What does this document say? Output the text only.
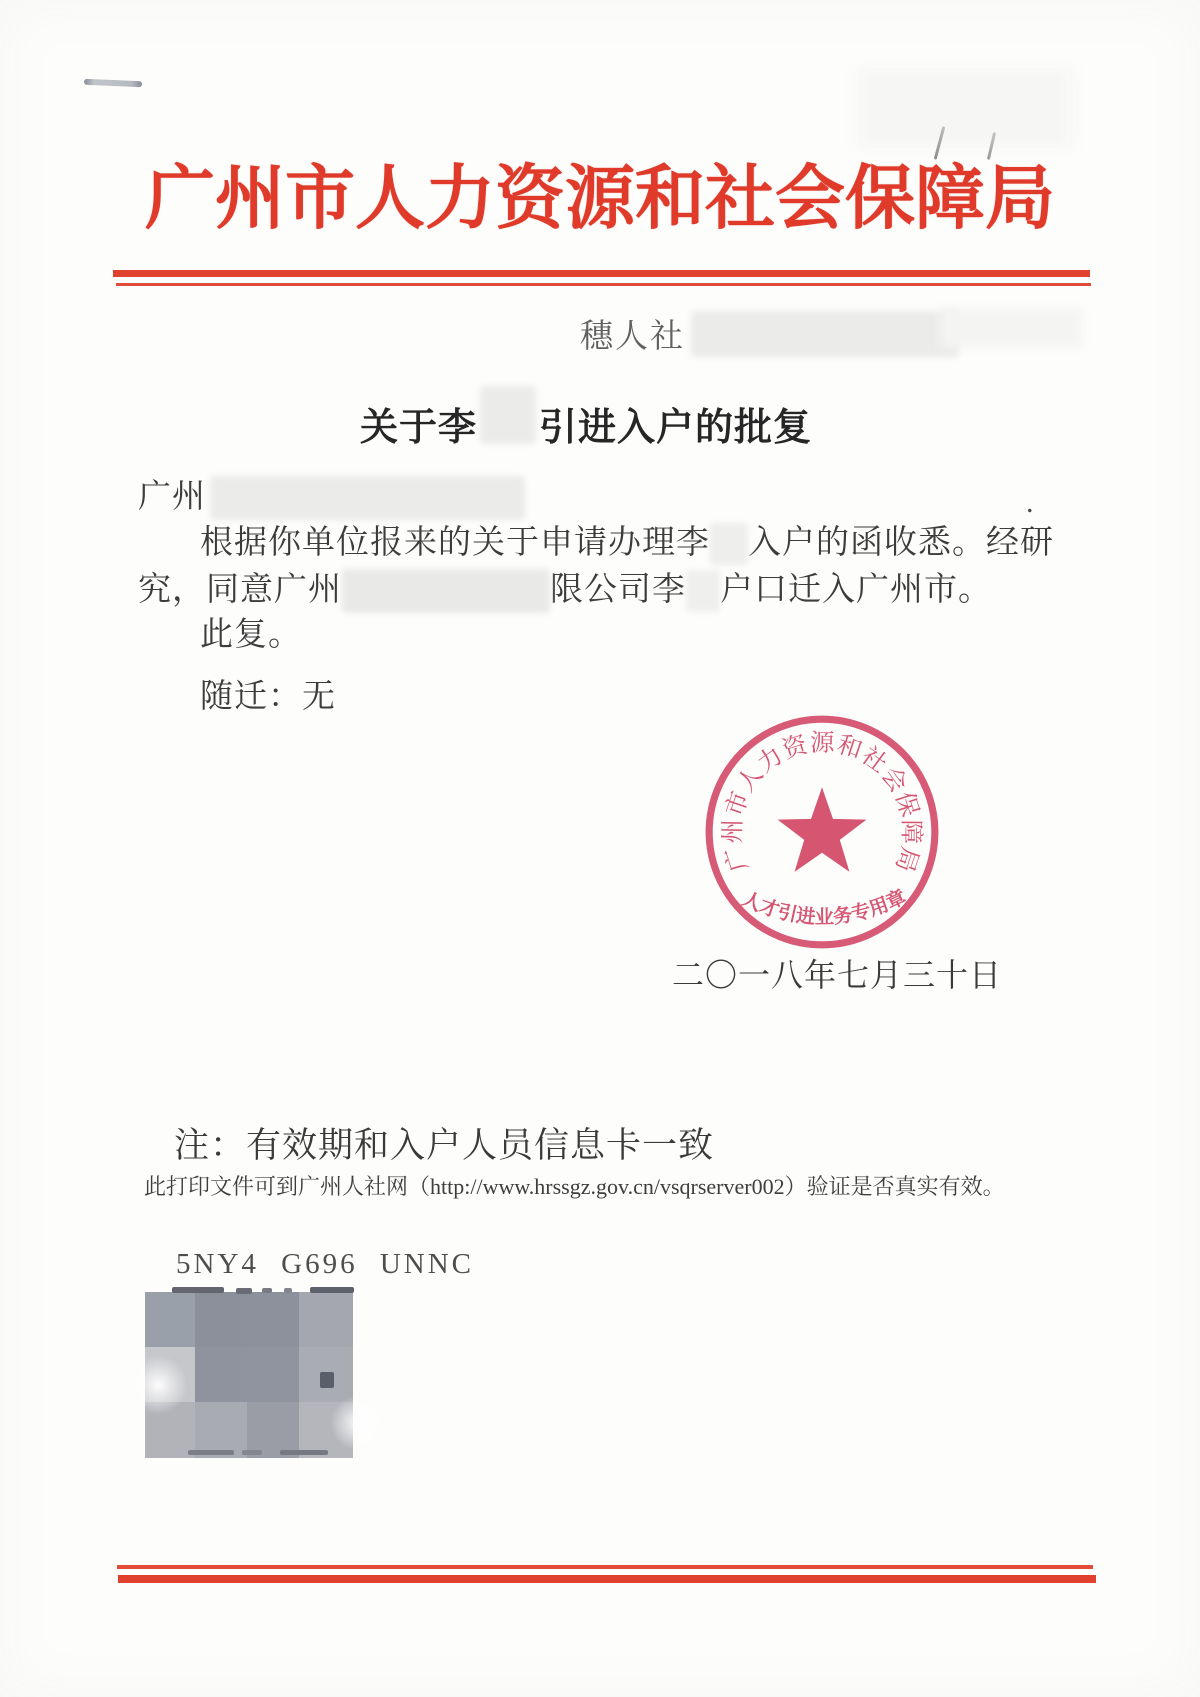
广州市人力资源和社会保障局
穗人社
关于李 引进入户的批复
广州	.
根据你单位报来的关于申请办理李 入户的函收悉。经研
究，同意广州	限公司李 户口迁入广州市。
此复。
随迁：无
二〇一八年七月三十日
广州市人力资源和社会保障局
人才引进业务专用章
注：有效期和入户人员信息卡一致
此打印文件可到广州人社网（http://www.hrssgz.gov.cn/vsqrserver002）验证是否真实有效。
5NY4 G696 UNNC
